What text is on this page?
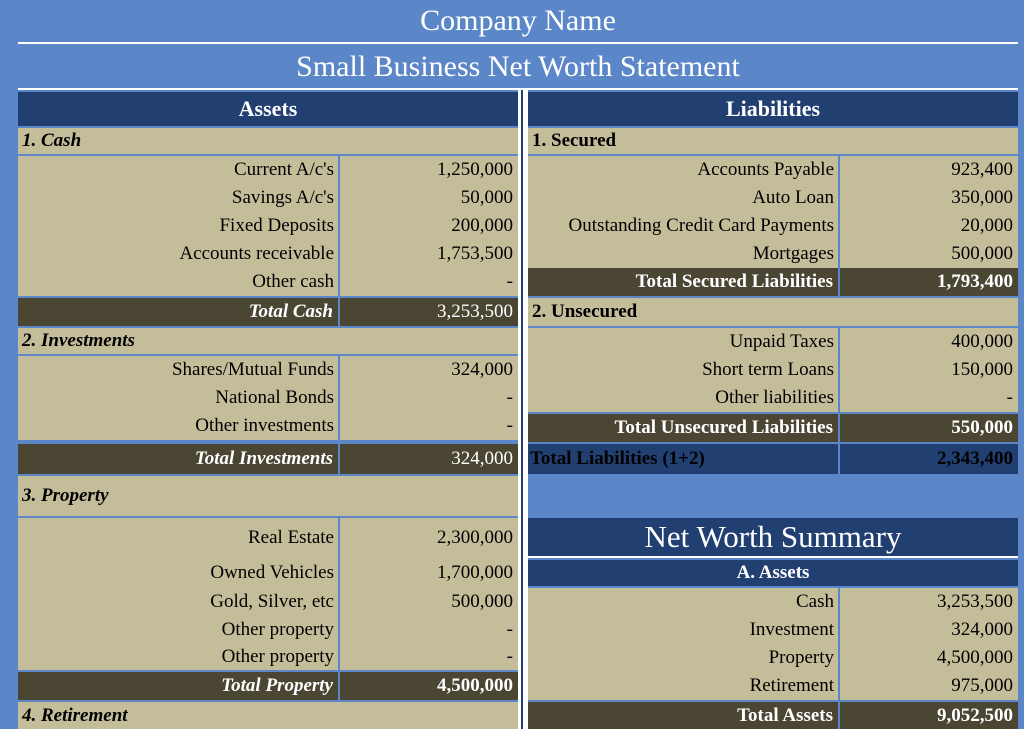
Company Name
Small Business Net Worth Statement
Assets
1. Cash
Current A/c's	1,250,000
Savings A/c's	50,000
Fixed Deposits	200,000
Accounts receivable	1,753,500
Other cash	-
Total Cash	3,253,500
2. Investments
Shares/Mutual Funds	324,000
National Bonds	-
Other investments	-
Total Investments	324,000
3. Property
Real Estate	2,300,000
Owned Vehicles	1,700,000
Gold, Silver, etc	500,000
Other property	-
Other property	-
Total Property	4,500,000
4. Retirement
Liabilities
1. Secured
Accounts Payable	923,400
Auto Loan	350,000
Outstanding Credit Card Payments	20,000
Mortgages	500,000
Total Secured Liabilities	1,793,400
2. Unsecured
Unpaid Taxes	400,000
Short term Loans	150,000
Other liabilities	-
Total Unsecured Liabilities	550,000
Total Liabilities (1+2)	2,343,400
Net Worth Summary
A. Assets
Cash	3,253,500
Investment	324,000
Property	4,500,000
Retirement	975,000
Total Assets	9,052,500
